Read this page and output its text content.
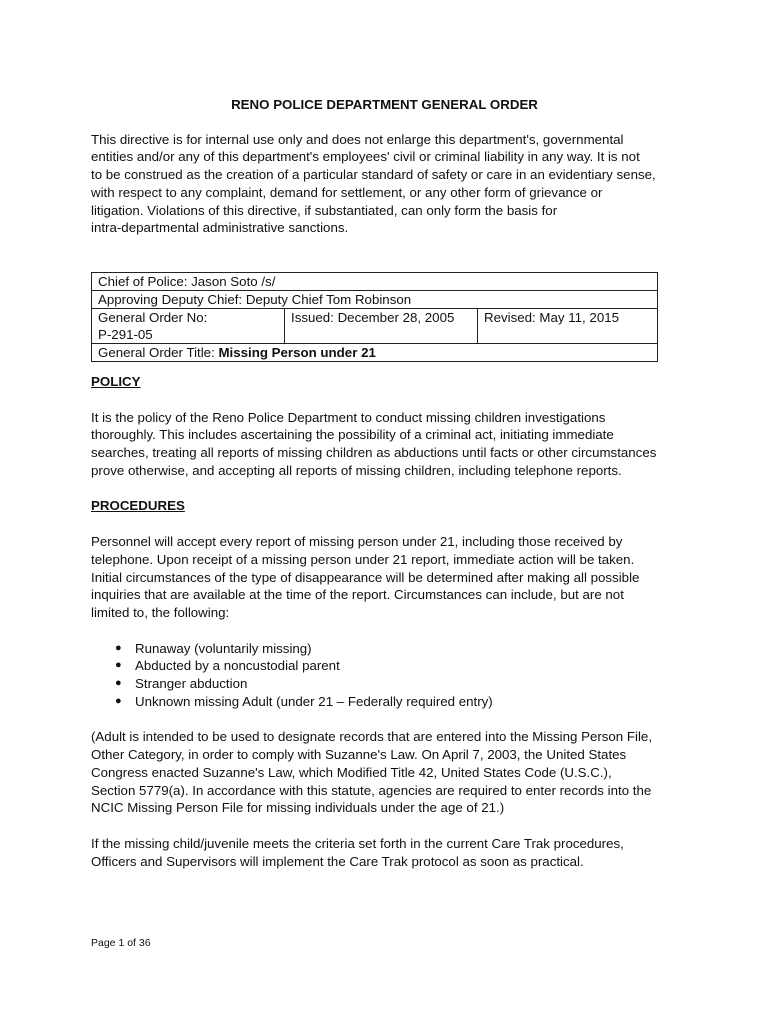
RENO POLICE DEPARTMENT GENERAL ORDER

This directive is for internal use only and does not enlarge this department's, governmental
entities and/or any of this department's employees' civil or criminal liability in any way. It is not
to be construed as the creation of a particular standard of safety or care in an evidentiary sense,
with respect to any complaint, demand for settlement, or any other form of grievance or
litigation. Violations of this directive, if substantiated, can only form the basis for
intra-departmental administrative sanctions.

Chief of Police: Jason Soto /s/
Approving Deputy Chief: Deputy Chief Tom Robinson

General Order No:
P-291-05
	Issued: December 28, 2005	Revised: May 11, 2015
General Order Title: Missing Person under 21

POLICY

It is the policy of the Reno Police Department to conduct missing children investigations
thoroughly. This includes ascertaining the possibility of a criminal act, initiating immediate
searches, treating all reports of missing children as abductions until facts or other circumstances
prove otherwise, and accepting all reports of missing children, including telephone reports.

PROCEDURES

Personnel will accept every report of missing person under 21, including those received by
telephone. Upon receipt of a missing person under 21 report, immediate action will be taken.
Initial circumstances of the type of disappearance will be determined after making all possible
inquiries that are available at the time of the report. Circumstances can include, but are not
limited to, the following:

● Runaway (voluntarily missing)
● Abducted by a noncustodial parent
● Stranger abduction
● Unknown missing Adult (under 21 – Federally required entry)

(Adult is intended to be used to designate records that are entered into the Missing Person File,
Other Category, in order to comply with Suzanne's Law. On April 7, 2003, the United States
Congress enacted Suzanne's Law, which Modified Title 42, United States Code (U.S.C.),
Section 5779(a). In accordance with this statute, agencies are required to enter records into the
NCIC Missing Person File for missing individuals under the age of 21.)

If the missing child/juvenile meets the criteria set forth in the current Care Trak procedures,
Officers and Supervisors will implement the Care Trak protocol as soon as practical.

Page 1 of 36
